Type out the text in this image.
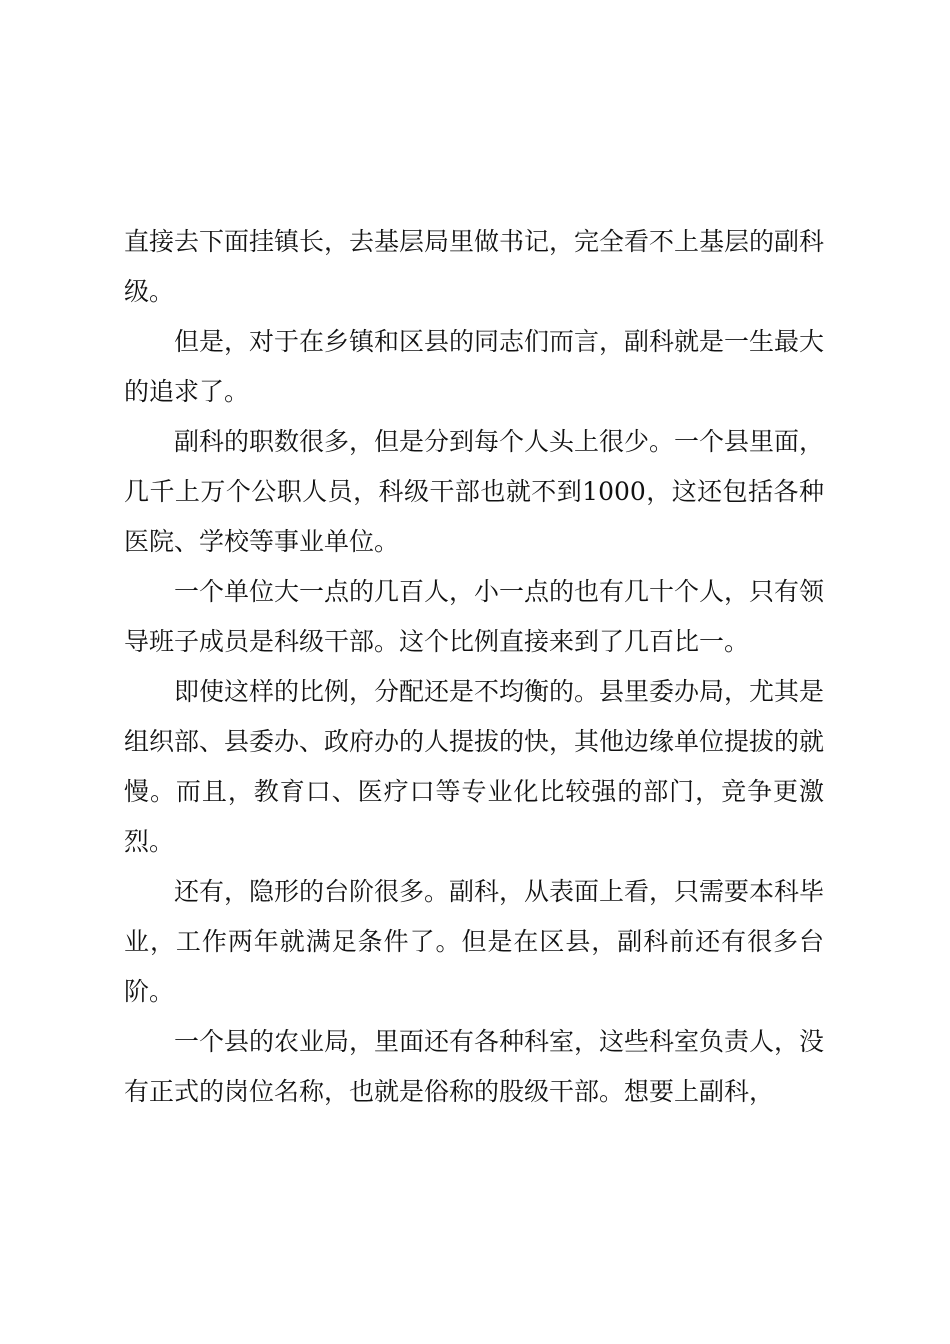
直接去下面挂镇长，去基层局里做书记，完全看不上基层的副科级。

但是，对于在乡镇和区县的同志们而言，副科就是一生最大的追求了。

副科的职数很多，但是分到每个人头上很少。一个县里面，几千上万个公职人员，科级干部也就不到1000，这还包括各种医院、学校等事业单位。

一个单位大一点的几百人，小一点的也有几十个人，只有领导班子成员是科级干部。这个比例直接来到了几百比一。

即使这样的比例，分配还是不均衡的。县里委办局，尤其是组织部、县委办、政府办的人提拔的快，其他边缘单位提拔的就慢。而且，教育口、医疗口等专业化比较强的部门，竞争更激烈。

还有，隐形的台阶很多。副科，从表面上看，只需要本科毕业，工作两年就满足条件了。但是在区县，副科前还有很多台阶。

一个县的农业局，里面还有各种科室，这些科室负责人，没有正式的岗位名称，也就是俗称的股级干部。想要上副科，
